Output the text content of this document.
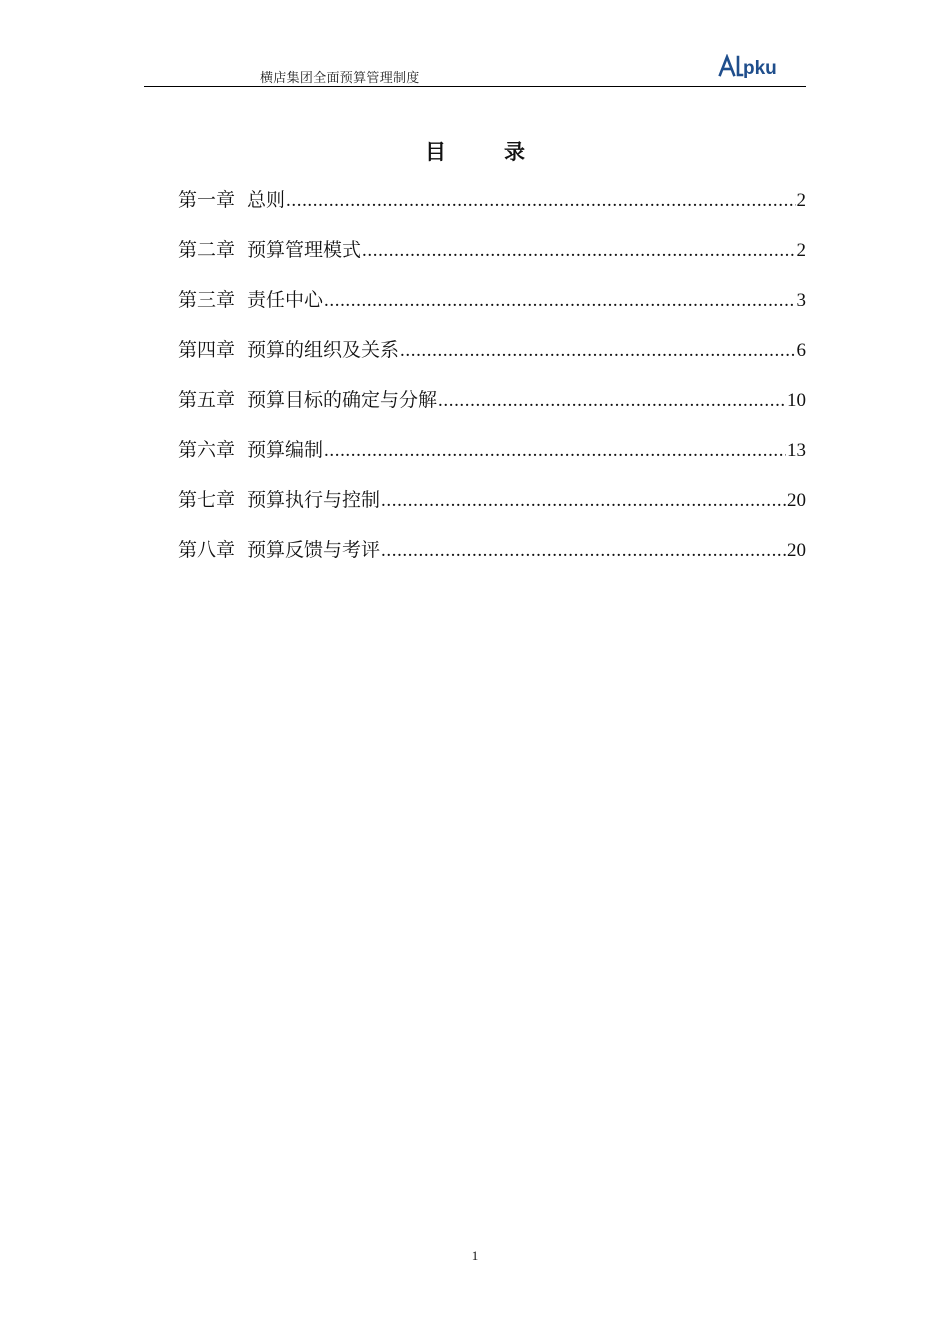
横店集团全面预算管理制度	pku
目	录
第一章 总则 .....	2
第二章 预算管理模式 .....	2
第三章 责任中心 .....	3
第四章 预算的组织及关系 .....	6
第五章 预算目标的确定与分解 .....	10
第六章 预算编制 .....	13
第七章 预算执行与控制 .....	20
第八章 预算反馈与考评 .....	20
1
